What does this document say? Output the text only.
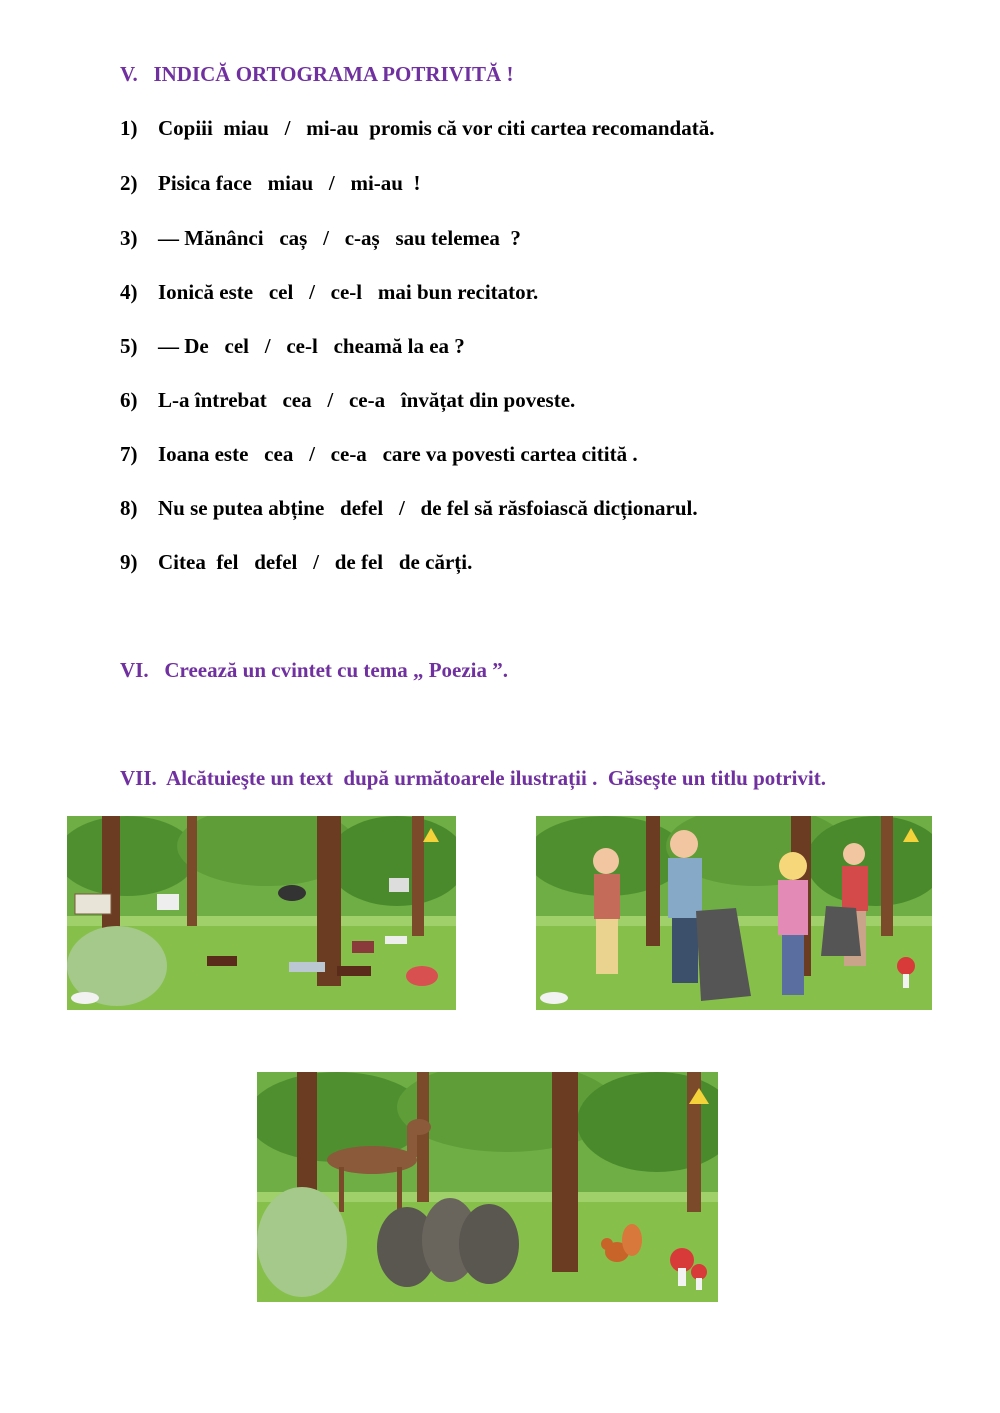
V.   INDICĂ ORTOGRAMA POTRIVITĂ !
1) Copiii  miau   /   mi-au  promis că vor citi cartea recomandată.
2) Pisica face   miau   /   mi-au  !
3) — Mănânci   caș   /   c-aș   sau telemea  ?
4) Ionică este   cel   /   ce-l   mai bun recitator.
5) — De   cel   /   ce-l   cheamă la ea ?
6) L-a întrebat   cea   /   ce-a   învățat din poveste.
7) Ioana este   cea   /   ce-a   care va povesti cartea citită .
8) Nu se putea abține   defel   /   de fel să răsfoiască dicționarul.
9) Citea  fel   defel   /   de fel   de cărți.
VI.   Creează un cvintet cu tema „ Poezia ”.
VII.  Alcătuieşte un text  după următoarele ilustrații .  Găseşte un titlu potrivit.
